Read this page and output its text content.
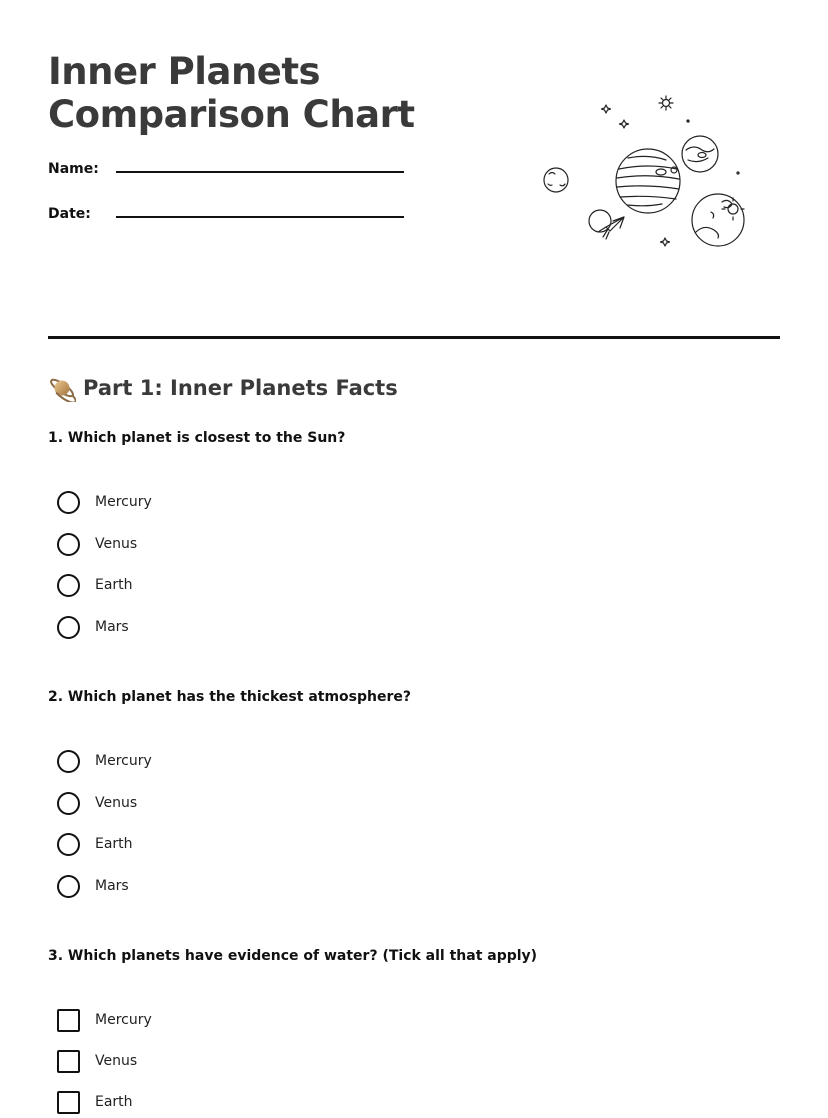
Inner Planets
Comparison Chart
Name:
Date:
Part 1: Inner Planets Facts

1. Which planet is closest to the Sun?

Mercury
Venus
Earth
Mars

2. Which planet has the thickest atmosphere?

Mercury
Venus
Earth
Mars

3. Which planets have evidence of water? (Tick all that apply)

Mercury
Venus
Earth
